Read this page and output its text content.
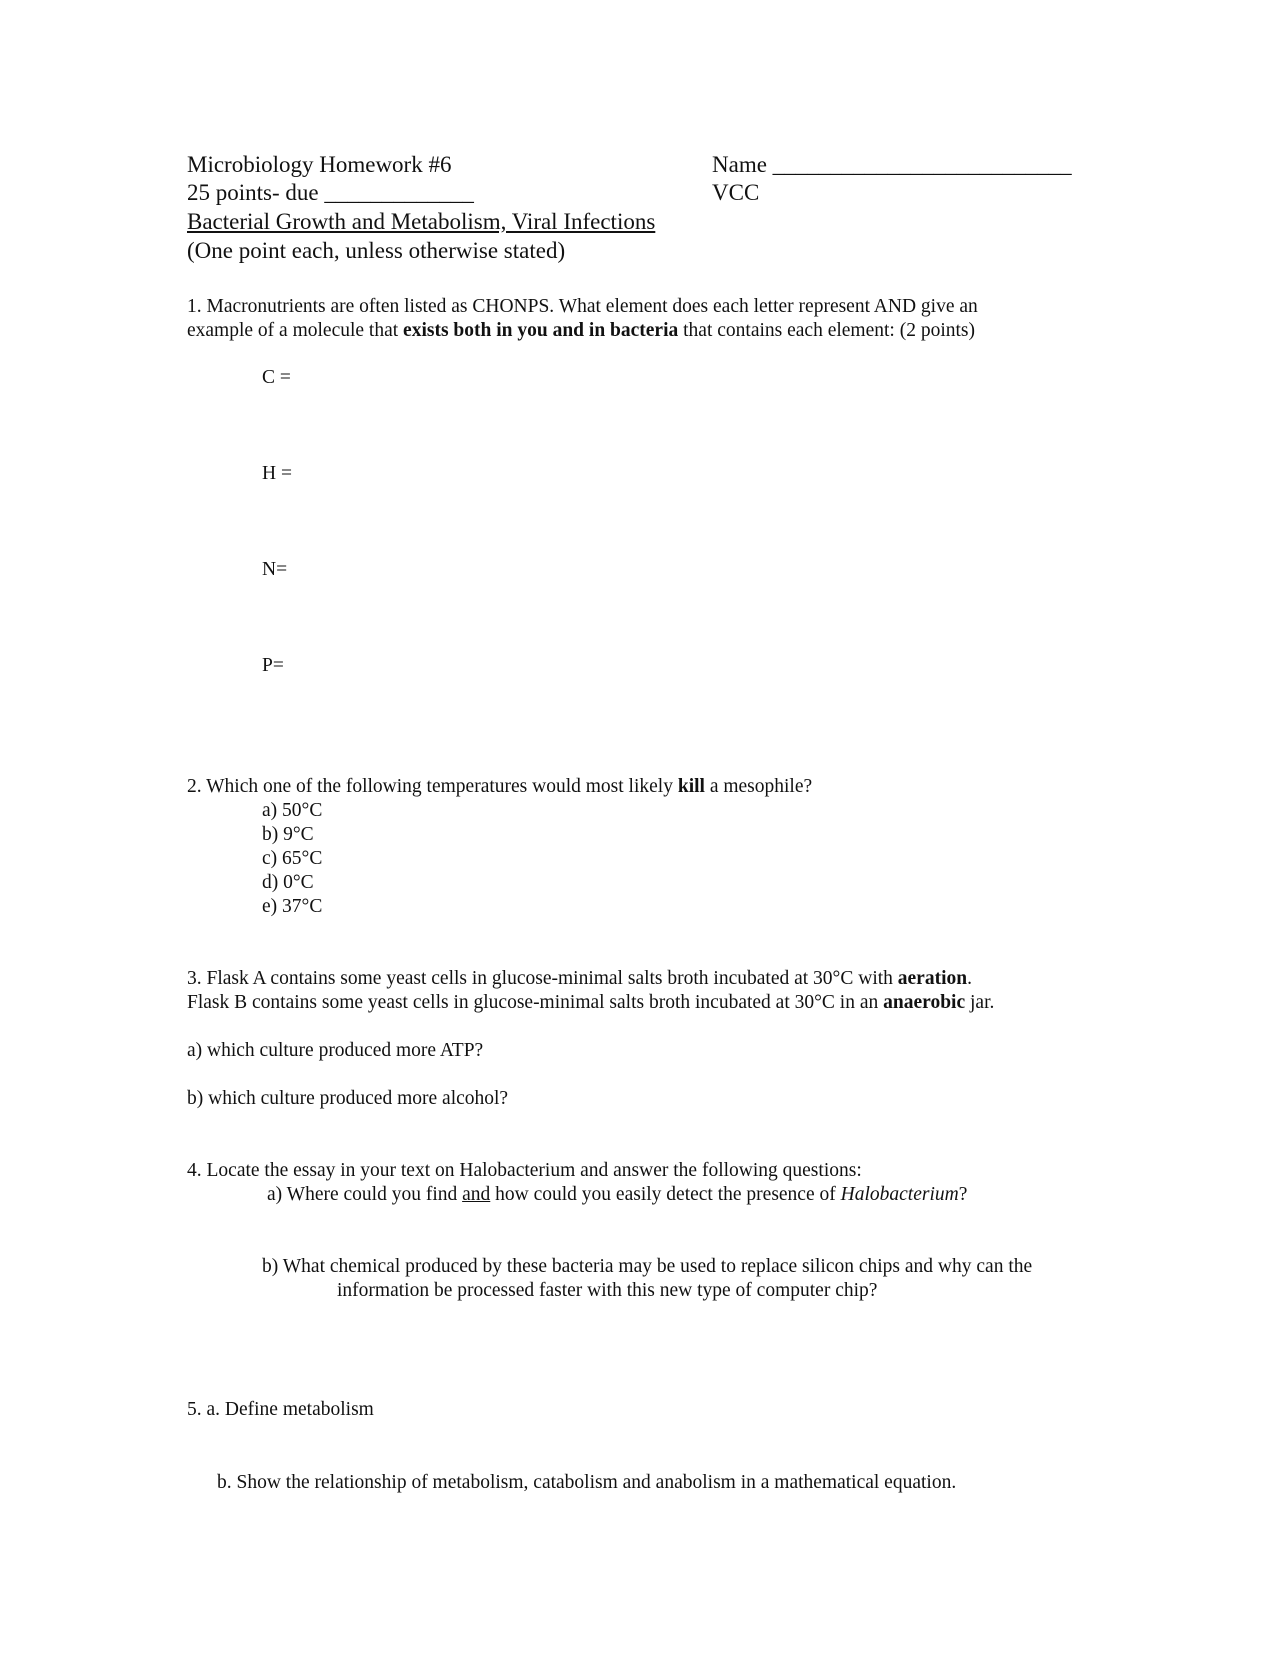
Microbiology Homework #6	Name __________________________
25 points- due _____________	VCC
Bacterial Growth and Metabolism, Viral Infections
(One point each, unless otherwise stated)
1. Macronutrients are often listed as CHONPS. What element does each letter represent AND give an
example of a molecule that exists both in you and in bacteria that contains each element: (2 points)
C =
H =
N=
P=
2. Which one of the following temperatures would most likely kill a mesophile?
a) 50°C
b) 9°C
c) 65°C
d) 0°C
e) 37°C
3. Flask A contains some yeast cells in glucose-minimal salts broth incubated at 30°C with aeration.
Flask B contains some yeast cells in glucose-minimal salts broth incubated at 30°C in an anaerobic jar.
a) which culture produced more ATP?
b) which culture produced more alcohol?
4. Locate the essay in your text on Halobacterium and answer the following questions:
a) Where could you find and how could you easily detect the presence of Halobacterium?
b) What chemical produced by these bacteria may be used to replace silicon chips and why can the
information be processed faster with this new type of computer chip?
5. a. Define metabolism
b. Show the relationship of metabolism, catabolism and anabolism in a mathematical equation.
